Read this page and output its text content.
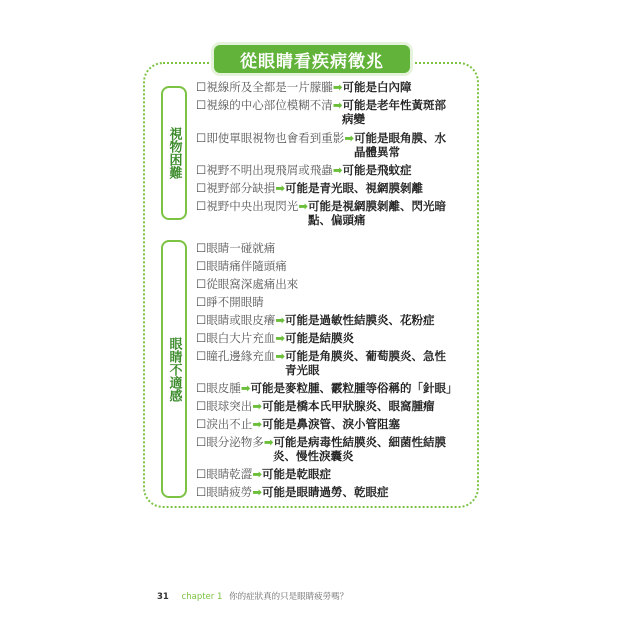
從眼睛看疾病徵兆
視物困難
眼睛不適感
☐視線所及全都是一片朦朧➡可能是白內障
☐視線的中心部位模糊不清➡可能是老年性黃斑部
病變
☐即使單眼視物也會看到重影➡可能是眼角膜、水
晶體異常
☐視野不明出現飛屑或飛蟲➡可能是飛蚊症
☐視野部分缺損➡可能是青光眼、視網膜剝離
☐視野中央出現閃光➡可能是視網膜剝離、閃光暗
點、偏頭痛
☐眼睛一碰就痛
☐眼睛痛伴隨頭痛
☐從眼窩深處痛出來
☐睜不開眼睛
☐眼睛或眼皮癢➡可能是過敏性結膜炎、花粉症
☐眼白大片充血➡可能是結膜炎
☐瞳孔邊緣充血➡可能是角膜炎、葡萄膜炎、急性
青光眼
☐眼皮腫➡可能是麥粒腫、霰粒腫等俗稱的「針眼」
☐眼球突出➡可能是橋本氏甲狀腺炎、眼窩腫瘤
☐淚出不止➡可能是鼻淚管、淚小管阻塞
☐眼分泌物多➡可能是病毒性結膜炎、細菌性結膜
炎、慢性淚囊炎
☐眼睛乾澀➡可能是乾眼症
☐眼睛疲勞➡可能是眼睛過勞、乾眼症
31 chapter 1 你的症狀真的只是眼睛疲勞嗎？
